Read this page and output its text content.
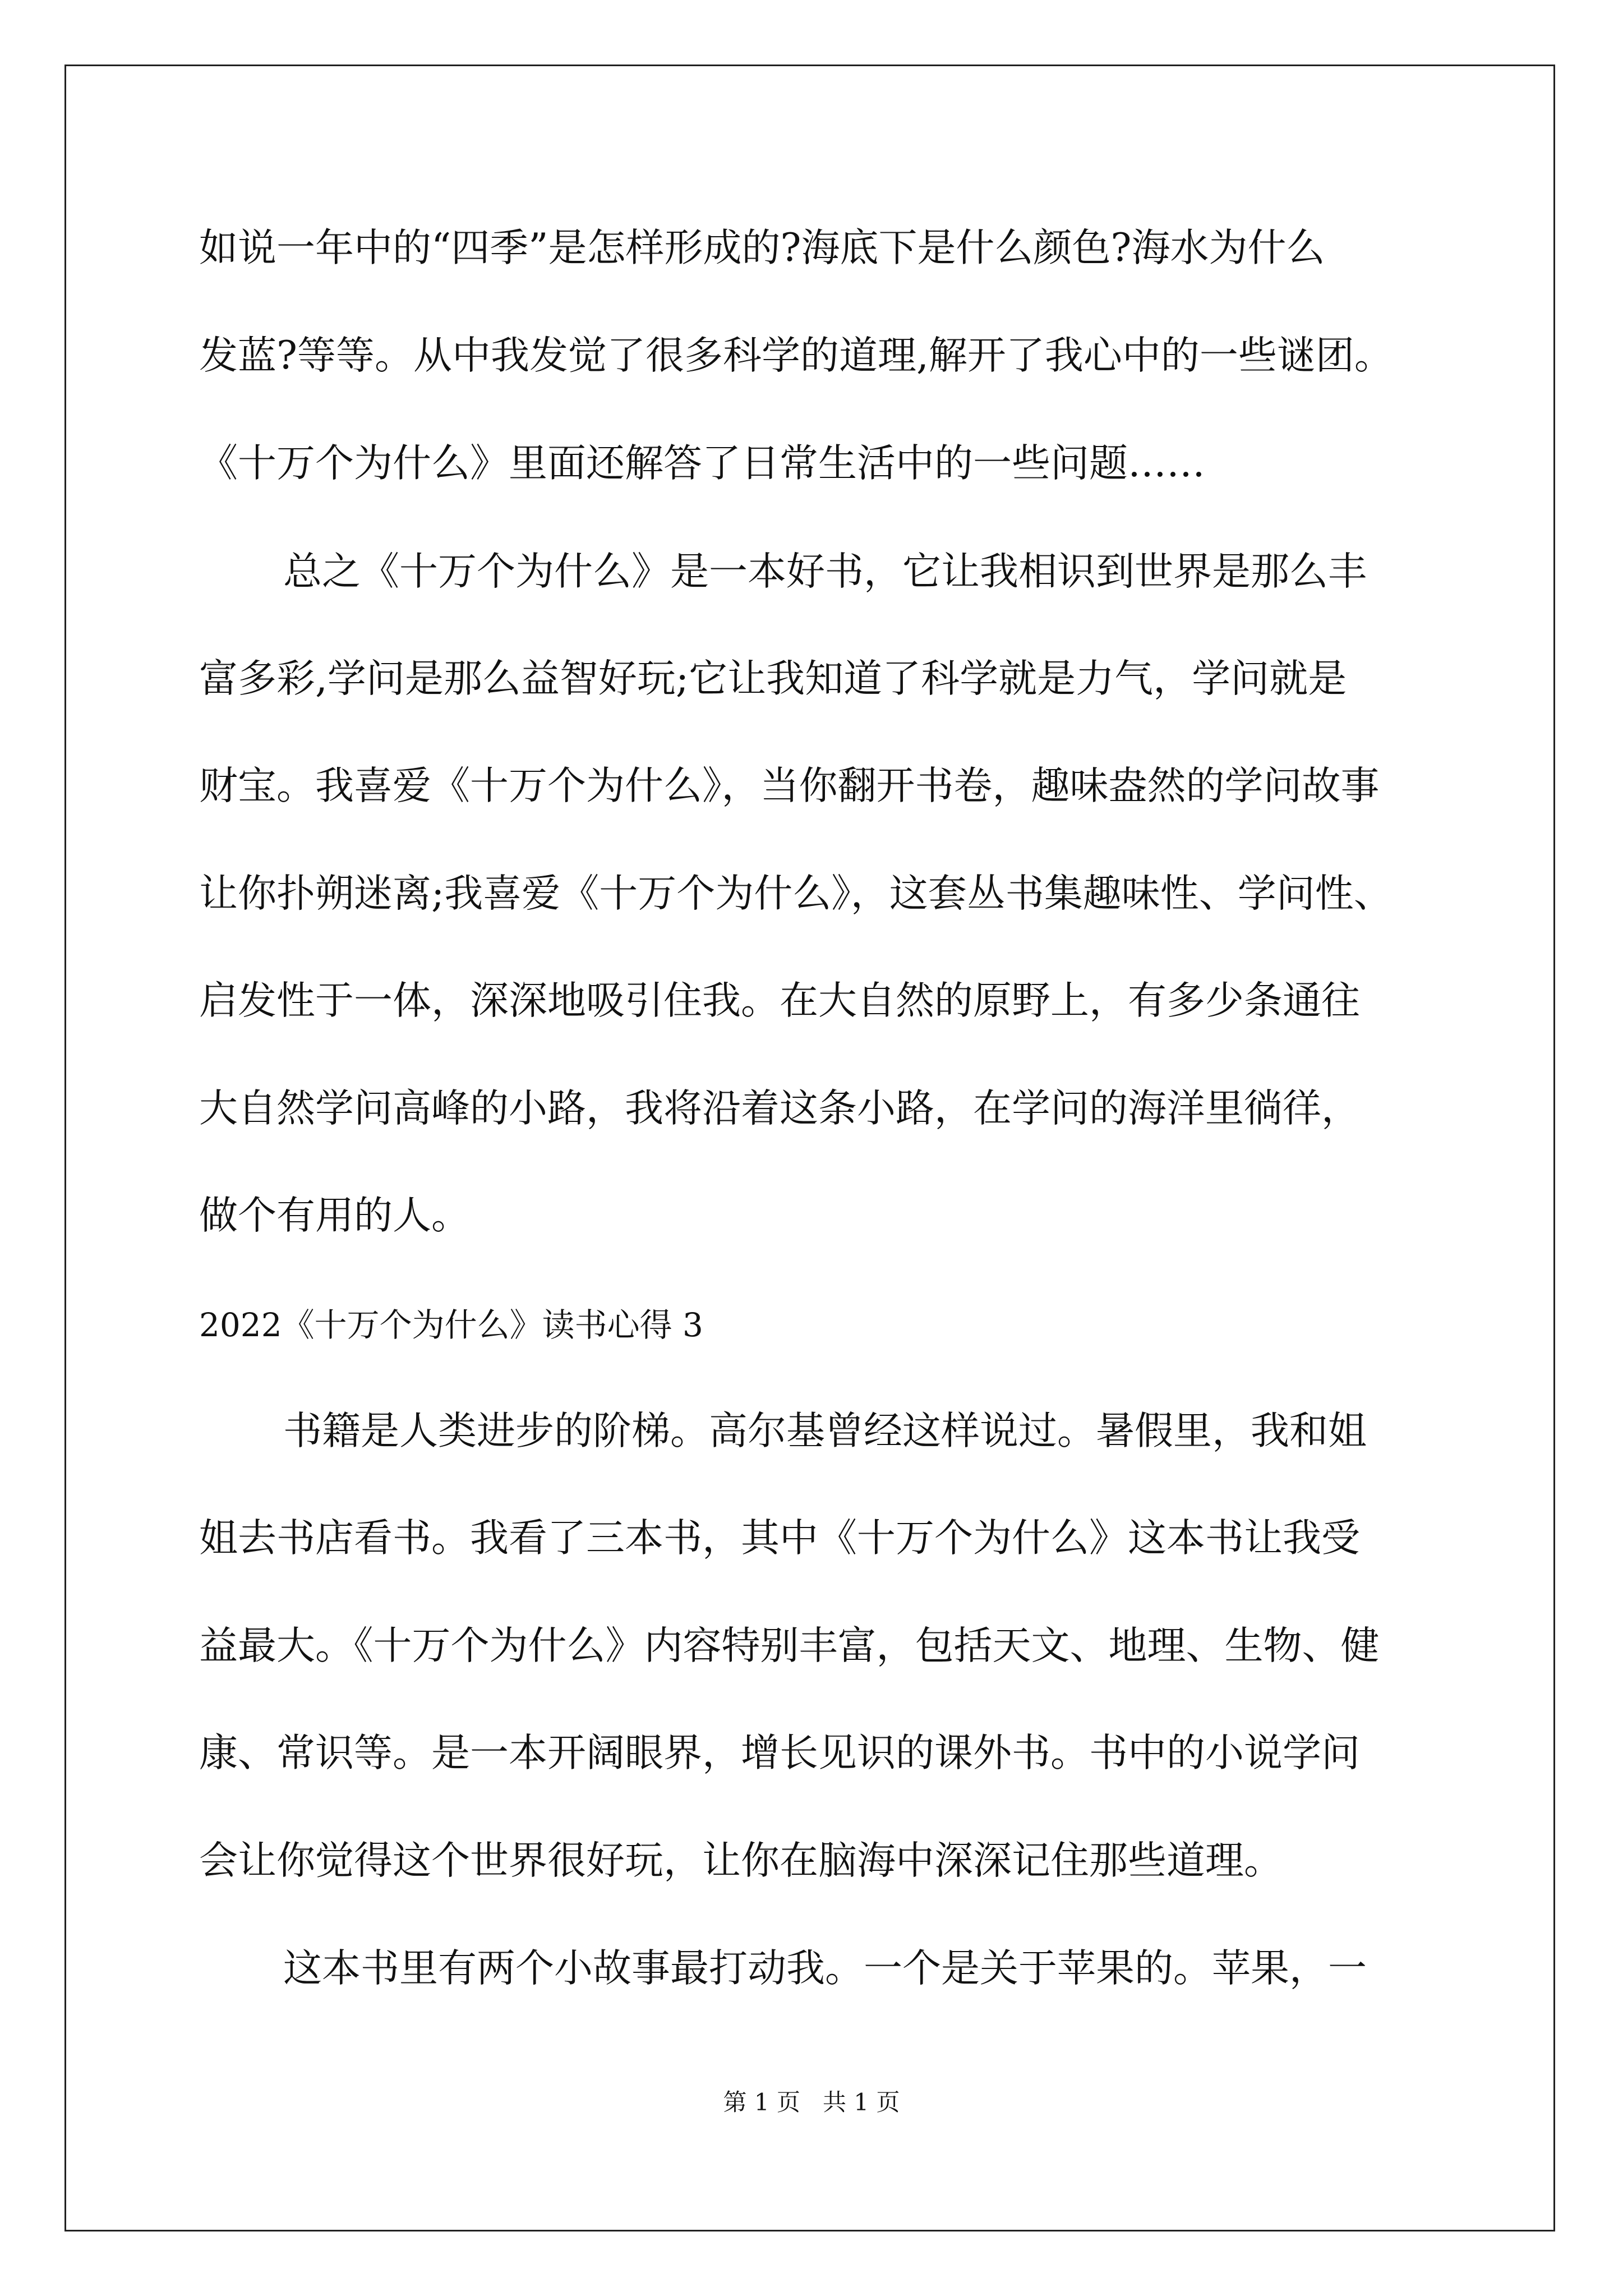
如说一年中的“四季”是怎样形成的?海底下是什么颜色?海水为什么
发蓝?等等。从中我发觉了很多科学的道理,解开了我心中的一些谜团。
《十万个为什么》里面还解答了日常生活中的一些问题……
总之《十万个为什么》是一本好书，它让我相识到世界是那么丰
富多彩,学问是那么益智好玩;它让我知道了科学就是力气，学问就是
财宝。我喜爱《十万个为什么》，当你翻开书卷，趣味盎然的学问故事
让你扑朔迷离;我喜爱《十万个为什么》，这套丛书集趣味性、学问性、
启发性于一体，深深地吸引住我。在大自然的原野上，有多少条通往
大自然学问高峰的小路，我将沿着这条小路，在学问的海洋里徜徉，
做个有用的人。
2022《十万个为什么》读书心得 3
书籍是人类进步的阶梯。高尔基曾经这样说过。暑假里，我和姐
姐去书店看书。我看了三本书，其中《十万个为什么》这本书让我受
益最大。《十万个为什么》内容特别丰富，包括天文、地理、生物、健
康、常识等。是一本开阔眼界，增长见识的课外书。书中的小说学问
会让你觉得这个世界很好玩，让你在脑海中深深记住那些道理。
这本书里有两个小故事最打动我。一个是关于苹果的。苹果，一
第 1 页   共 1 页
